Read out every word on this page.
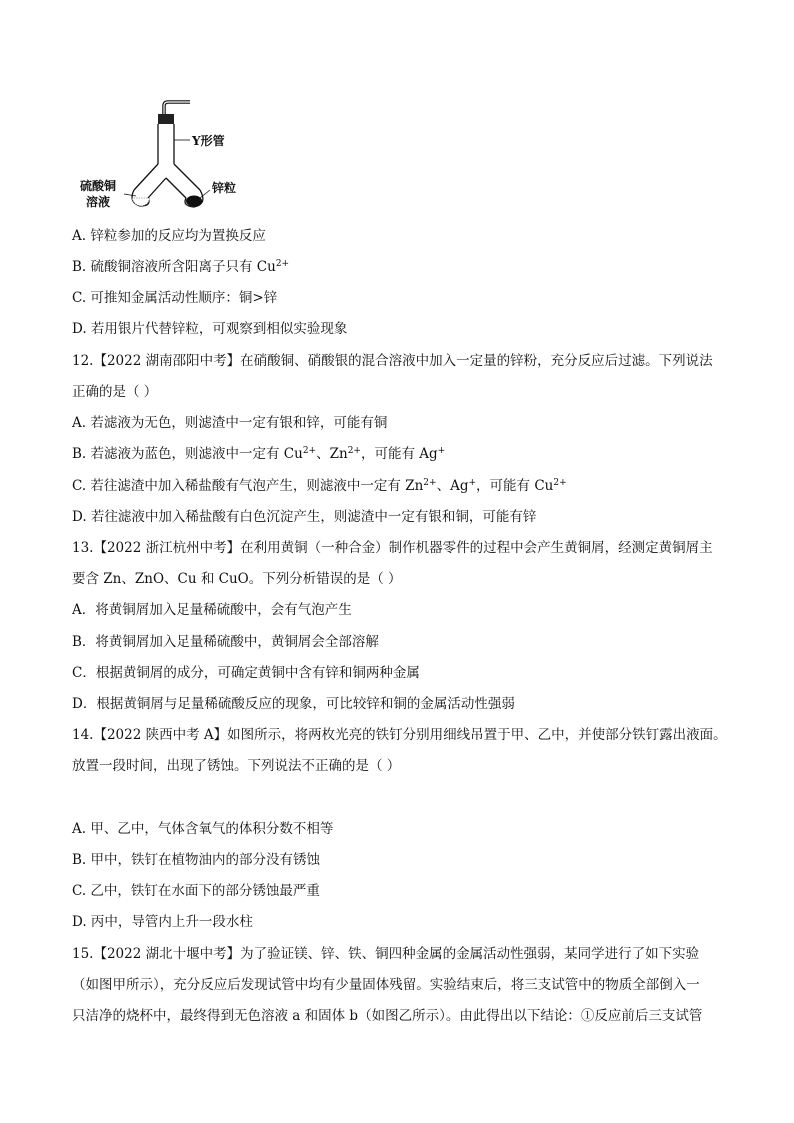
Y形管
硫酸铜
溶液
锌粒
A. 锌粒参加的反应均为置换反应
B. 硫酸铜溶液所含阳离子只有 $Cu^{2+}$
C. 可推知金属活动性顺序：铜>锌
D. 若用银片代替锌粒，可观察到相似实验现象
12.【2022 湖南邵阳中考】在硝酸铜、硝酸银的混合溶液中加入一定量的锌粉，充分反应后过滤。下列说法
正确的是（ ）
A. 若滤液为无色，则滤渣中一定有银和锌，可能有铜
B. 若滤液为蓝色，则滤液中一定有 $Cu^{2+}$、$Zn^{2+}$，可能有 Ag+
C. 若往滤渣中加入稀盐酸有气泡产生，则滤液中一定有 $Zn^{2+}$、Ag+，可能有 $Cu^{2+}$
D. 若往滤液中加入稀盐酸有白色沉淀产生，则滤渣中一定有银和铜，可能有锌
13.【2022 浙江杭州中考】在利用黄铜（一种合金）制作机器零件的过程中会产生黄铜屑，经测定黄铜屑主
要含 Zn、ZnO、Cu 和 CuO。下列分析错误的是（ ）
A．将黄铜屑加入足量稀硫酸中，会有气泡产生
B．将黄铜屑加入足量稀硫酸中，黄铜屑会全部溶解
C．根据黄铜屑的成分，可确定黄铜中含有锌和铜两种金属
D．根据黄铜屑与足量稀硫酸反应的现象，可比较锌和铜的金属活动性强弱
14.【2022 陕西中考 A】如图所示，将两枚光亮的铁钉分别用细线吊置于甲、乙中，并使部分铁钉露出液面。
放置一段时间，出现了锈蚀。下列说法不正确的是（ ）
A. 甲、乙中，气体含氧气的体积分数不相等
B. 甲中，铁钉在植物油内的部分没有锈蚀
C. 乙中，铁钉在水面下的部分锈蚀最严重
D. 丙中，导管内上升一段水柱
15.【2022 湖北十堰中考】为了验证镁、锌、铁、铜四种金属的金属活动性强弱，某同学进行了如下实验
（如图甲所示），充分反应后发现试管中均有少量固体残留。实验结束后，将三支试管中的物质全部倒入一
只洁净的烧杯中，最终得到无色溶液 a 和固体 b（如图乙所示）。由此得出以下结论：①反应前后三支试管
